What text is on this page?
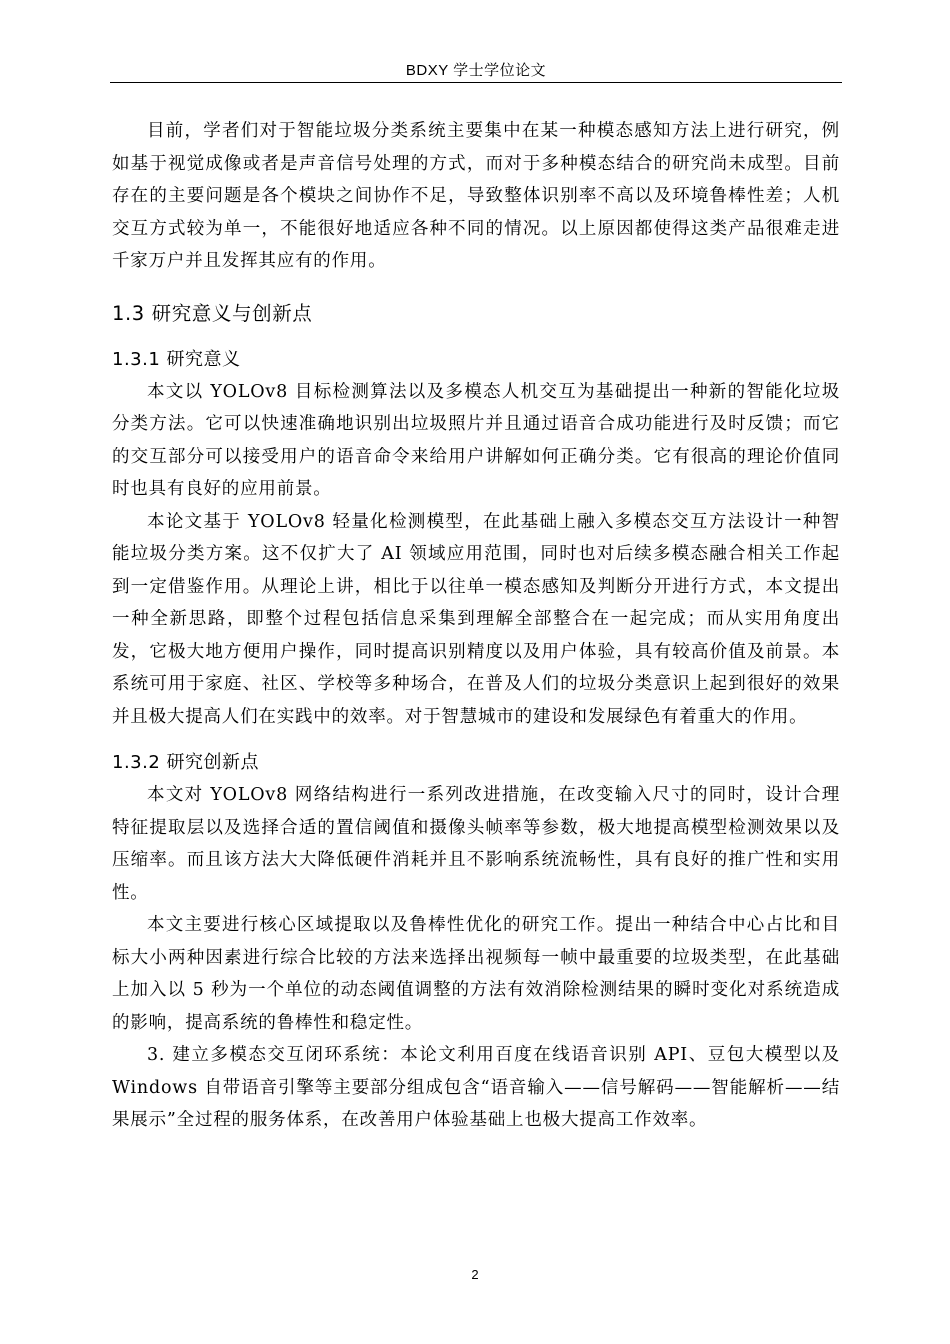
BDXY 学士学位论文

目前，学者们对于智能垃圾分类系统主要集中在某一种模态感知方法上进行研究，例如基于视觉成像或者是声音信号处理的方式，而对于多种模态结合的研究尚未成型。目前存在的主要问题是各个模块之间协作不足，导致整体识别率不高以及环境鲁棒性差；人机交互方式较为单一，不能很好地适应各种不同的情况。以上原因都使得这类产品很难走进千家万户并且发挥其应有的作用。

1.3 研究意义与创新点
1.3.1 研究意义

本文以 YOLOv8 目标检测算法以及多模态人机交互为基础提出一种新的智能化垃圾分类方法。它可以快速准确地识别出垃圾照片并且通过语音合成功能进行及时反馈；而它的交互部分可以接受用户的语音命令来给用户讲解如何正确分类。它有很高的理论价值同时也具有良好的应用前景。

本论文基于 YOLOv8 轻量化检测模型，在此基础上融入多模态交互方法设计一种智能垃圾分类方案。这不仅扩大了 AI 领域应用范围，同时也对后续多模态融合相关工作起到一定借鉴作用。从理论上讲，相比于以往单一模态感知及判断分开进行方式，本文提出一种全新思路，即整个过程包括信息采集到理解全部整合在一起完成；而从实用角度出发，它极大地方便用户操作，同时提高识别精度以及用户体验，具有较高价值及前景。本系统可用于家庭、社区、学校等多种场合，在普及人们的垃圾分类意识上起到很好的效果并且极大提高人们在实践中的效率。对于智慧城市的建设和发展绿色有着重大的作用。

1.3.2 研究创新点

本文对 YOLOv8 网络结构进行一系列改进措施，在改变输入尺寸的同时，设计合理特征提取层以及选择合适的置信阈值和摄像头帧率等参数，极大地提高模型检测效果以及压缩率。而且该方法大大降低硬件消耗并且不影响系统流畅性，具有良好的推广性和实用性。

本文主要进行核心区域提取以及鲁棒性优化的研究工作。提出一种结合中心占比和目标大小两种因素进行综合比较的方法来选择出视频每一帧中最重要的垃圾类型，在此基础上加入以 5 秒为一个单位的动态阈值调整的方法有效消除检测结果的瞬时变化对系统造成的影响，提高系统的鲁棒性和稳定性。

3. 建立多模态交互闭环系统：本论文利用百度在线语音识别 API、豆包大模型以及 Windows 自带语音引擎等主要部分组成包含“语音输入——信号解码——智能解析——结果展示”全过程的服务体系，在改善用户体验基础上也极大提高工作效率。

2
